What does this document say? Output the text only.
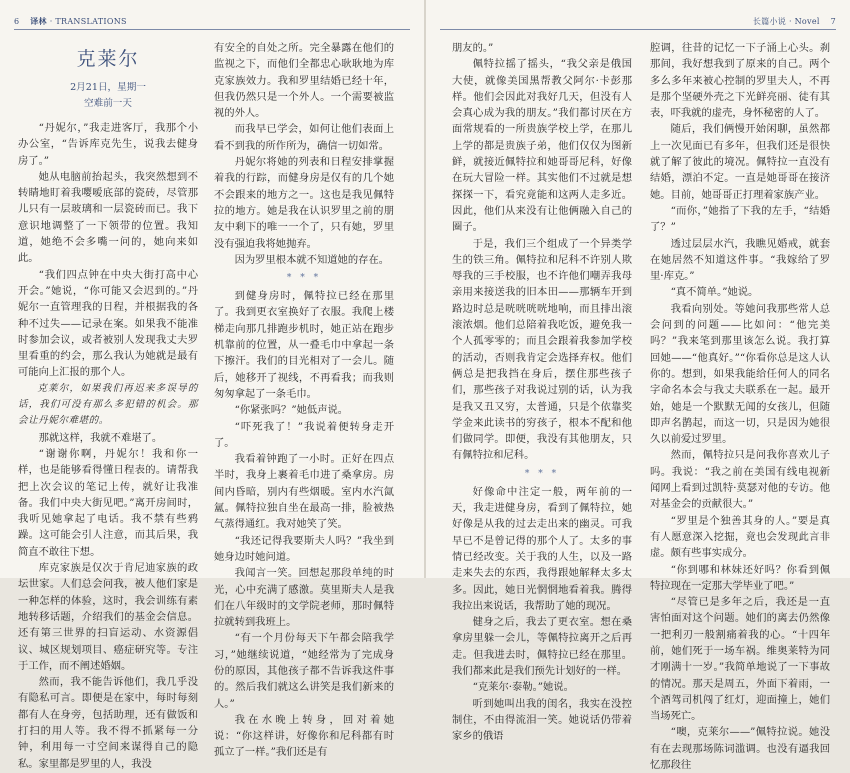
6 译林 · TRANSLATIONS
克莱尔
2月21日，星期一
空难前一天

“丹妮尔，”我走进客厅，我那个小办公室，“告诉库克先生，说我去健身房了。”

她从电脑前抬起头，我突然想到不转睛地盯着我嘤嗳底部的瓷砖，尽管那儿只有一层玻璃和一层瓷砖而已。我下意识地调整了一下领带的位置。我知道，她绝不会多嘴一问的，她向来如此。

“我们四点钟在中央大街打高中心开会。”她说，“你可能又会迟到的。”丹妮尔一直管理我的日程，并根据我的各种不过失——记录在案。如果我不能准时参加会议，或者被别人发现我丈夫罗里看重的约会，那么我认为她就是最有可能向上汇报的那个人。

克莱尔，如果我们再迟来多误导的话，我们可没有那么多犯错的机会。那会让丹妮尔难堪的。

那就这样，我就不难堪了。

“谢谢你啊，丹妮尔！我和你一样，也是能够看得懂日程表的。请帮我把上次会议的笔记上传，就好让我准备。我们中央大街见吧。”离开房间时，我听见她拿起了电话。我不禁有些鸦躁。这可能会引人注意，而其后果，我简直不敢往下想。

库克家族是仅次于肯尼迪家族的政坛世家。人们总会问我，被人他们家是一种怎样的体验，这时，我会训练有素地转移话题，介绍我们的基金会信息。还有第三世界的扫盲运动、水资源倡议、城区规划项目、癌症研究等。专注于工作，而不阐述婚姻。

然而，我不能告诉他们，我几乎没有隐私可言。即便是在家中，每时每刻都有人在身旁，包括助理，还有做饭和打扫的用人等。我不得不抓紧每一分钟，利用每一寸空间来谋得自己的隐私。家里都是罗里的人，我没

有安全的自处之所。完全暴露在他们的监视之下，而他们全都忠心耿耿地为库克家族效力。我和罗里结婚已经十年，但我仍然只是一个外人。一个需要被监视的外人。

而我早已学会，如何让他们表面上看不到我的所作所为，确信一切如常。

丹妮尔将她的列表和日程安排掌握着我的行踪，而健身房是仅有的几个她不会跟来的地方之一。这也是我见佩特拉的地方。她是我在认识罗里之前的朋友中剩下的唯一一个了，只有她，罗里没有强迫我将她抛弃。

因为罗里根本就不知道她的存在。

* * *

到健身房时，佩特拉已经在那里了。我到更衣室换好了衣服。我爬上楼梯走向那几排跑步机时，她正站在跑步机靠前的位置，从一叠毛巾中拿起一条下擦汗。我们的目光相对了一会儿。随后，她移开了视线，不再看我；而我则匆匆拿起了一条毛巾。

“你紧张吗？”她低声说。

“吓死我了！”我说着便转身走开了。

我看着钟跑了一小时。正好在四点半时，我身上裹着毛巾进了桑拿房。房间内昏暗，别内有些烟暖。室内水汽氤氲。佩特拉独自坐在最高一排，脸被热气蒸得通红。我对她笑了笑。

“我还记得我要斯夫人吗？”我坐到她身边时她问道。

我闻言一笑。回想起那段单纯的时光，心中充满了感激。莫里斯夫人是我们在八年级时的文学院老师，那时佩特拉就转到我班上。

“有一个月份每天下午都会陪我学习，”她继续说道，“她经常为了完成身份的原因，其他孩子都不告诉我这件事的。然后我们就这么讲笑是我们新来的人。”

我在水晚上转身，回对着她说：“你这样讲，好像你和尼科都有时孤立了一样。”我们还是有

长篇小说 · Novel 7

朋友的。”

佩特拉摇了摇头，“我父亲是俄国大使，就像美国黑帮教父阿尔·卡彭那样。他们会因此对我好几天，但没有人会真心成为我的朋友。”我们都讨厌在方面常规看的一所贵族学校上学，在那儿上学的都是贵族子弟，他们仅仅为图新鲜，就接近佩特拉和她哥哥尼科，好像在玩大冒险一样。其实他们不过就是想探探一下，看究竟能和这两人走多近。因此，他们从来没有让他俩融入自己的圈子。

于是，我们三个组成了一个异类学生的铁三角。佩特拉和尼科不许别人欺辱我的三手校服，也不许他们嘲弄我母亲用来接送我的旧本田——那辆车开到路边时总是咣咣咣咣地响，而且排出滚滚浓烟。他们总陪着我吃饭，避免我一个人孤零零的；而且会跟着我参加学校的活动，否则我肯定会选择弃权。他们俩总是把我挡在身后，摆住那些孩子们，那些孩子对我说过别的话，认为我是我又丑又穷，太普通，只是个依靠奖学金来此读书的穷孩子，根本不配和他们做同学。即便，我没有其他朋友，只有佩特拉和尼科。

* * *

好像命中注定一般，两年前的一天，我走进健身房，看到了佩特拉，她好像是从我的过去走出来的幽灵。可我早已不是曾记得的那个人了。太多的事情已经改变。关于我的人生，以及一路走来失去的东西，我得跟她解释太多太多。因此，她日光惘惘地看着我。腾得我拉出来说话，我帮助了她的现况。

健身之后，我去了更衣室。想在桑拿房里躲一会儿，等佩特拉离开之后再走。但我进去时，佩特拉已经在那里。我们都来此是我们预先计划好的一样。

“克莱尔·泰勒。”她说。

听到她叫出我的闺名，我实在没控制住，不由得流泪一笑。她说话仍带着家乡的俄语

腔调，往昔的记忆一下子涌上心头。刹那间，我好想我到了原来的自己。两个多么多年来被心控制的罗里夫人，不再是那个坚硬外壳之下光鲜亮丽、徒有其表，吓我就的虚壳，身怀秘密的人了。

随后，我们俩慢开始闲聊，虽然都上一次见面已有多年，但我们还是很快就了解了彼此的境况。佩特拉一直没有结婚，漂泊不定。一直是她哥哥在接济她。目前，她哥哥正打理着家族产业。

“而你，”她指了下我的左手，“结婚了？”

透过层层水汽，我瞧见婚戒，就套在她居然不知道这件事。“我嫁给了罗里·库克。”

“真不简单。”她说。

我看向别处。等她问我那些常人总会问到的问题——比如问：“他完美吗？”我来笔到那里该怎么说。我打算回她——“他真好。”“你看你总是这人认你的。想到，如果我能给任何人的同名字命名本会与我丈夫联系在一起。最开始，她是一个默默无闻的女孩儿，但随即声名鹊起，而这一切，只是因为她很久以前爱过罗里。

然而，佩特拉只是问我你喜欢儿子吗。我说：“我之前在美国有线电视新闻网上看到过凯特·莫瑟对他的专访。他对基金会的贡献很大。”

“罗里是个独善其身的人。”要是真有人愿意深入挖掘，竟也会发现此言非虚。颇有些事实成分。

“你到哪和林妹还好吗？你看到佩特拉现在一定那大学毕业了吧。”

“尽管已是多年之后，我还是一直害怕面对这个问题。她们的离去仍然像一把利刃一般割痛着我的心。“十四年前，她们死于一场车祸。维奥莱特为同才刚满十一岁。”我简单地说了一下事故的情况。那天是周五，外面下着雨，一个酒驾司机闯了红灯，迎面撞上，她们当场死亡。

“噢，克莱尔——”佩特拉说。她没有在去现那场陈词滥调。也没有逼我回忆那段往
